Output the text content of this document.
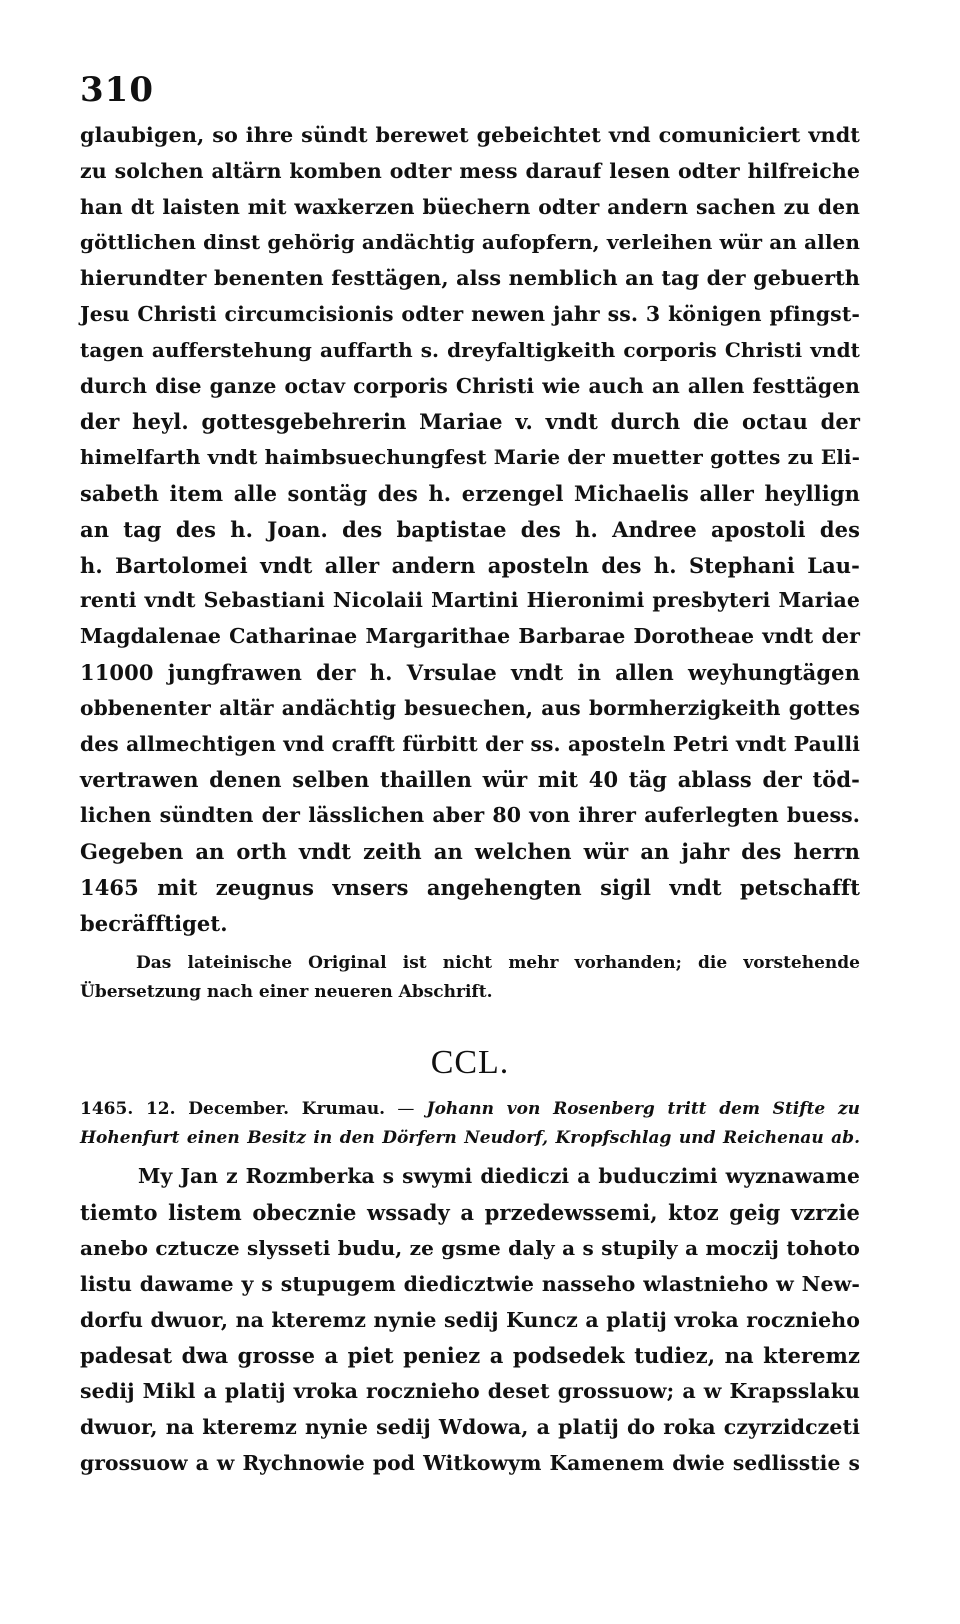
310
glaubigen, so ihre sündt berewet gebeichtet vnd comuniciert vndt
zu solchen altärn komben odter mess darauf lesen odter hilfreiche
han dt laisten mit waxkerzen büechern odter andern sachen zu den
göttlichen dinst gehörig andächtig aufopfern, verleihen wür an allen
hierundter benenten festtägen, alss nemblich an tag der gebuerth
Jesu Christi circumcisionis odter newen jahr ss. 3 königen pfingst-
tagen aufferstehung auffarth s. dreyfaltigkeith corporis Christi vndt
durch dise ganze octav corporis Christi wie auch an allen festtägen
der heyl. gottesgebehrerin Mariae v. vndt durch die octau der
himelfarth vndt haimbsuechungfest Marie der muetter gottes zu Eli-
sabeth item alle sontäg des h. erzengel Michaelis aller heyllign
an tag des h. Joan. des baptistae des h. Andree apostoli des
h. Bartolomei vndt aller andern aposteln des h. Stephani Lau-
renti vndt Sebastiani Nicolaii Martini Hieronimi presbyteri Mariae
Magdalenae Catharinae Margarithae Barbarae Dorotheae vndt der
11000 jungfrawen der h. Vrsulae vndt in allen weyhungtägen
obbenenter altär andächtig besuechen, aus bormherzigkeith gottes
des allmechtigen vnd crafft fürbitt der ss. aposteln Petri vndt Paulli
vertrawen denen selben thaillen wür mit 40 täg ablass der töd-
lichen sündten der lässlichen aber 80 von ihrer auferlegten buess.
Gegeben an orth vndt zeith an welchen wür an jahr des herrn
1465 mit zeugnus vnsers angehengten sigil vndt petschafft
becräfftiget.
Das lateinische Original ist nicht mehr vorhanden; die vorstehende
Übersetzung nach einer neueren Abschrift.
CCL.
1465. 12. December. Krumau. — Johann von Rosenberg tritt dem Stifte zu
Hohenfurt einen Besitz in den Dörfern Neudorf, Kropfschlag und Reichenau ab.
My Jan z Rozmberka s swymi diediczi a buduczimi wyznawame
tiemto listem obecznie wssady a przedewssemi, ktoz geig vzrzie
anebo cztucze slysseti budu, ze gsme daly a s stupily a moczij tohoto
listu dawame y s stupugem diedicztwie nasseho wlastnieho w New-
dorfu dwuor, na kteremz nynie sedij Kuncz a platij vroka rocznieho
padesat dwa grosse a piet peniez a podsedek tudiez, na kteremz
sedij Mikl a platij vroka rocznieho deset grossuow; a w Krapsslaku
dwuor, na kteremz nynie sedij Wdowa, a platij do roka czyrzidczeti
grossuow a w Rychnowie pod Witkowym Kamenem dwie sedlisstie s
